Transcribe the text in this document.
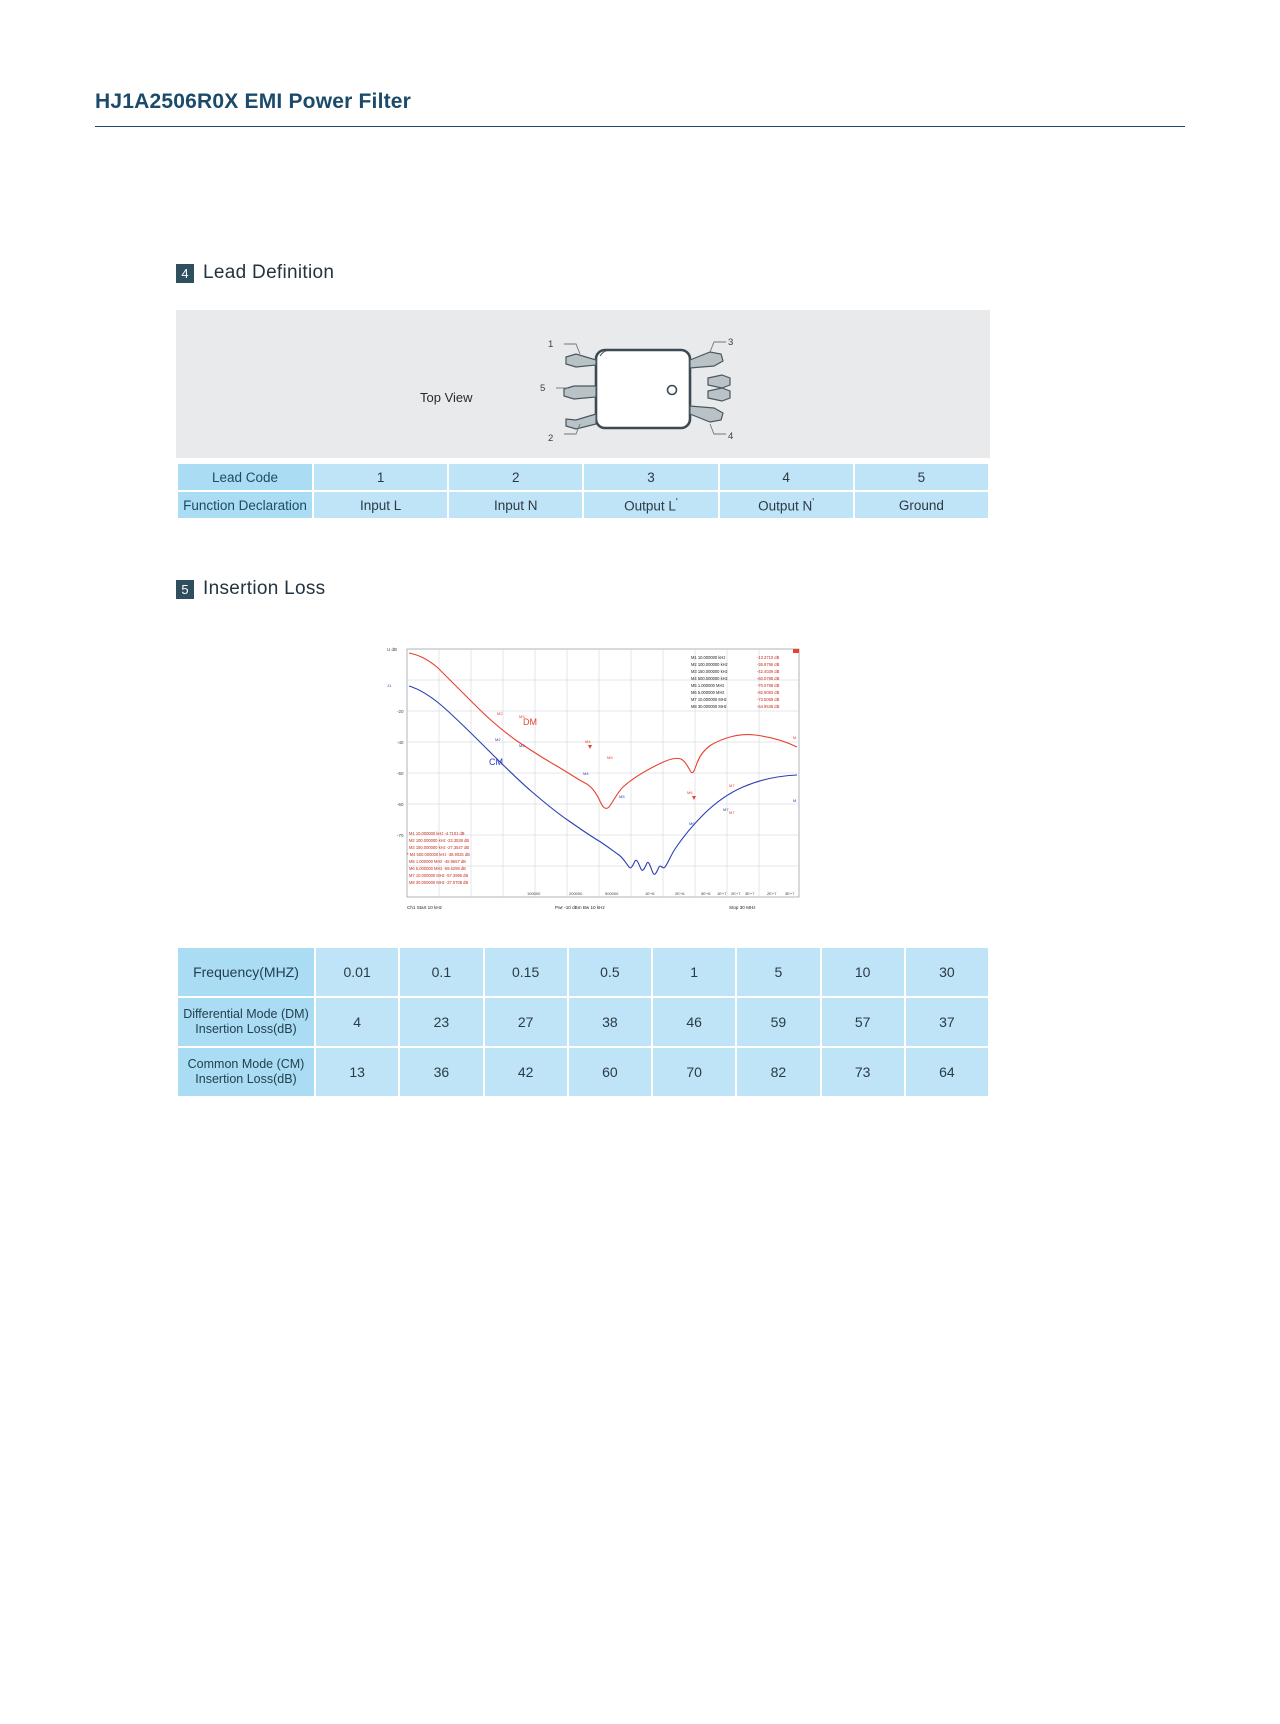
HJ1A2506R0X EMI Power Filter
4 Lead Definition
Top View
1
2
3
4
5
Lead Code	1	2	3	4	5
Function Declaration	Input L	Input N	Output L'	Output N'	Ground
5 Insertion Loss
U dB
-20
-40
-50
-60
-70
M2
M3
M4
M5
M6
M7
M7
M
M2
M3
M4
M5
M6
M7
M
J1
DM
CM
M1 10.000000 kHz	-13.3710 dB
M2 100.000000 kHz	-36.8796 dB
M3 150.000000 kHz	-42.4039 dB
M4 500.000000 kHz	-60.0788 dB
M5 1.000000 MHz	-70.0788 dB
M6 5.000000 MHz	-82.9083 dB
M7 10.000000 MHz	-73.5069 dB
M8 30.000000 MHz	-64.9536 dB
M1 10.000000 kHz -4.7101 dB
M2 100.000000 kHz -23.3538 dB
M3 150.000000 kHz -27.3547 dB
* M4 500.000000 kHz -38.9025 dB
M5 1.000000 MHz -46.9657 dB
M6 5.000000 MHz -59.6289 dB
M7 10.000000 MHz -57.3995 dB
M8 30.000000 MHz -37.0708 dB
100000	200000	500000	1E+6	2E+6	5E+6 1E+7 2E+7 3E+7	2E+7 3E+7
Ch1 Start 10 kHz	Pwr -10 dBm Bw 10 kHz	Stop 30 MHz
Frequency(MHZ)	0.01	0.1	0.15	0.5	1	5	10	30

Differential Mode (DM)
Insertion Loss(dB)	4	23	27	38	46	59	57	37

Common Mode (CM)
Insertion Loss(dB)	13	36	42	60	70	82	73	64
